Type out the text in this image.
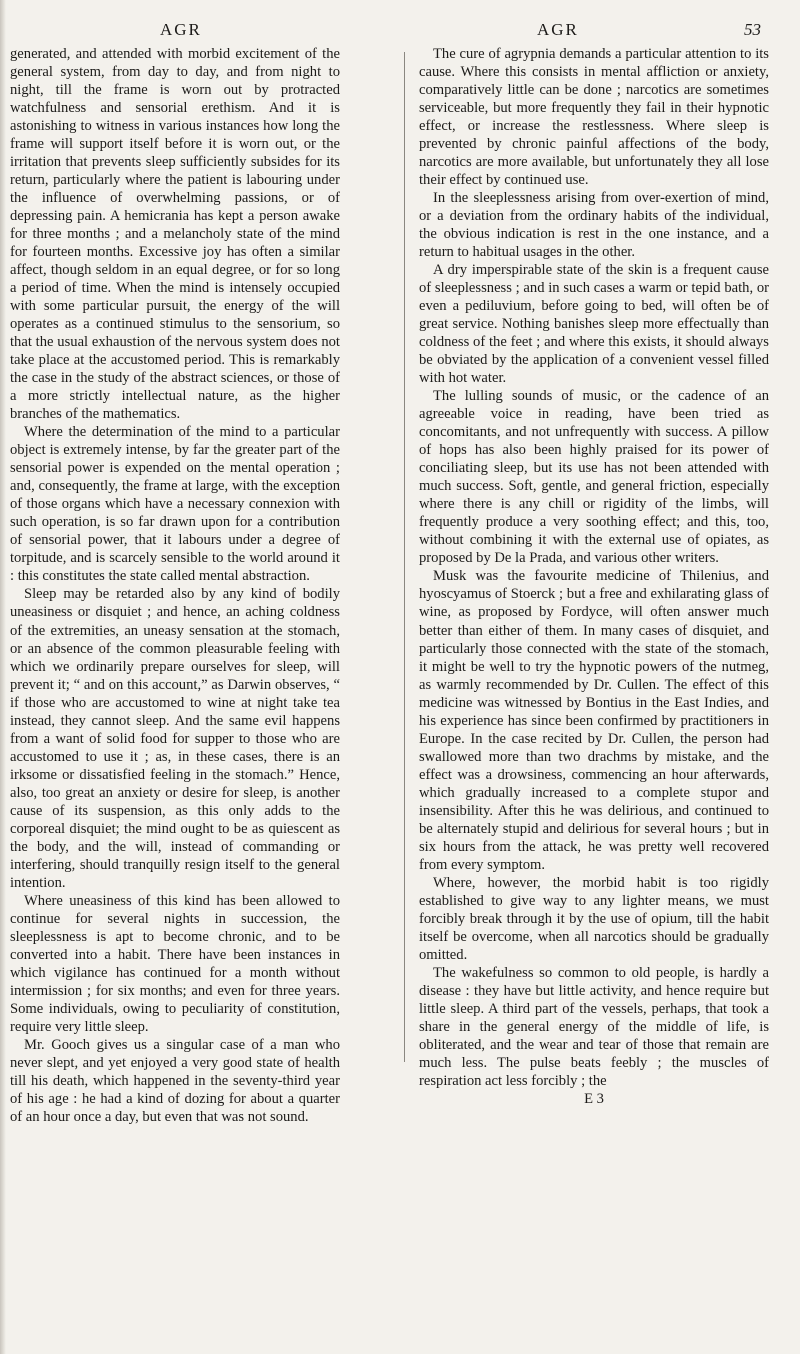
AGR	AGR	53

generated, and attended with morbid excitement of the general system, from day to day, and from night to night, till the frame is worn out by protracted watchfulness and sensorial erethism. And it is astonishing to witness in various instances how long the frame will support itself before it is worn out, or the irritation that prevents sleep sufficiently subsides for its return, particularly where the patient is labouring under the influence of overwhelming passions, or of depressing pain. A hemicrania has kept a person awake for three months ; and a melancholy state of the mind for fourteen months. Excessive joy has often a similar affect, though seldom in an equal degree, or for so long a period of time. When the mind is intensely occupied with some particular pursuit, the energy of the will operates as a continued stimulus to the sensorium, so that the usual exhaustion of the nervous system does not take place at the accustomed period. This is remarkably the case in the study of the abstract sciences, or those of a more strictly intellectual nature, as the higher branches of the mathematics.

Where the determination of the mind to a particular object is extremely intense, by far the greater part of the sensorial power is expended on the mental operation ; and, consequently, the frame at large, with the exception of those organs which have a necessary connexion with such operation, is so far drawn upon for a contribution of sensorial power, that it labours under a degree of torpitude, and is scarcely sensible to the world around it : this constitutes the state called mental abstraction.

Sleep may be retarded also by any kind of bodily uneasiness or disquiet ; and hence, an aching coldness of the extremities, an uneasy sensation at the stomach, or an absence of the common pleasurable feeling with which we ordinarily prepare ourselves for sleep, will prevent it; “ and on this account,” as Darwin observes, “ if those who are accustomed to wine at night take tea instead, they cannot sleep. And the same evil happens from a want of solid food for supper to those who are accustomed to use it ; as, in these cases, there is an irksome or dissatisfied feeling in the stomach.” Hence, also, too great an anxiety or desire for sleep, is another cause of its suspension, as this only adds to the corporeal disquiet; the mind ought to be as quiescent as the body, and the will, instead of commanding or interfering, should tranquilly resign itself to the general intention.

Where uneasiness of this kind has been allowed to continue for several nights in succession, the sleeplessness is apt to become chronic, and to be converted into a habit. There have been instances in which vigilance has continued for a month without intermission ; for six months; and even for three years. Some individuals, owing to peculiarity of constitution, require very little sleep.

Mr. Gooch gives us a singular case of a man who never slept, and yet enjoyed a very good state of health till his death, which happened in the seventy-third year of his age : he had a kind of dozing for about a quarter of an hour once a day, but even that was not sound.

The cure of agrypnia demands a particular attention to its cause. Where this consists in mental affliction or anxiety, comparatively little can be done ; narcotics are sometimes serviceable, but more frequently they fail in their hypnotic effect, or increase the restlessness. Where sleep is prevented by chronic painful affections of the body, narcotics are more available, but unfortunately they all lose their effect by continued use.

In the sleeplessness arising from over-exertion of mind, or a deviation from the ordinary habits of the individual, the obvious indication is rest in the one instance, and a return to habitual usages in the other.

A dry imperspirable state of the skin is a frequent cause of sleeplessness ; and in such cases a warm or tepid bath, or even a pediluvium, before going to bed, will often be of great service. Nothing banishes sleep more effectually than coldness of the feet ; and where this exists, it should always be obviated by the application of a convenient vessel filled with hot water.

The lulling sounds of music, or the cadence of an agreeable voice in reading, have been tried as concomitants, and not unfrequently with success. A pillow of hops has also been highly praised for its power of conciliating sleep, but its use has not been attended with much success. Soft, gentle, and general friction, especially where there is any chill or rigidity of the limbs, will frequently produce a very soothing effect; and this, too, without combining it with the external use of opiates, as proposed by De la Prada, and various other writers.

Musk was the favourite medicine of Thilenius, and hyoscyamus of Stoerck ; but a free and exhilarating glass of wine, as proposed by Fordyce, will often answer much better than either of them. In many cases of disquiet, and particularly those connected with the state of the stomach, it might be well to try the hypnotic powers of the nutmeg, as warmly recommended by Dr. Cullen. The effect of this medicine was witnessed by Bontius in the East Indies, and his experience has since been confirmed by practitioners in Europe. In the case recited by Dr. Cullen, the person had swallowed more than two drachms by mistake, and the effect was a drowsiness, commencing an hour afterwards, which gradually increased to a complete stupor and insensibility. After this he was delirious, and continued to be alternately stupid and delirious for several hours ; but in six hours from the attack, he was pretty well recovered from every symptom.

Where, however, the morbid habit is too rigidly established to give way to any lighter means, we must forcibly break through it by the use of opium, till the habit itself be overcome, when all narcotics should be gradually omitted.

The wakefulness so common to old people, is hardly a disease : they have but little activity, and hence require but little sleep. A third part of the vessels, perhaps, that took a share in the general energy of the middle of life, is obliterated, and the wear and tear of those that remain are much less. The pulse beats feebly ; the muscles of respiration act less forcibly ; the

E 3
